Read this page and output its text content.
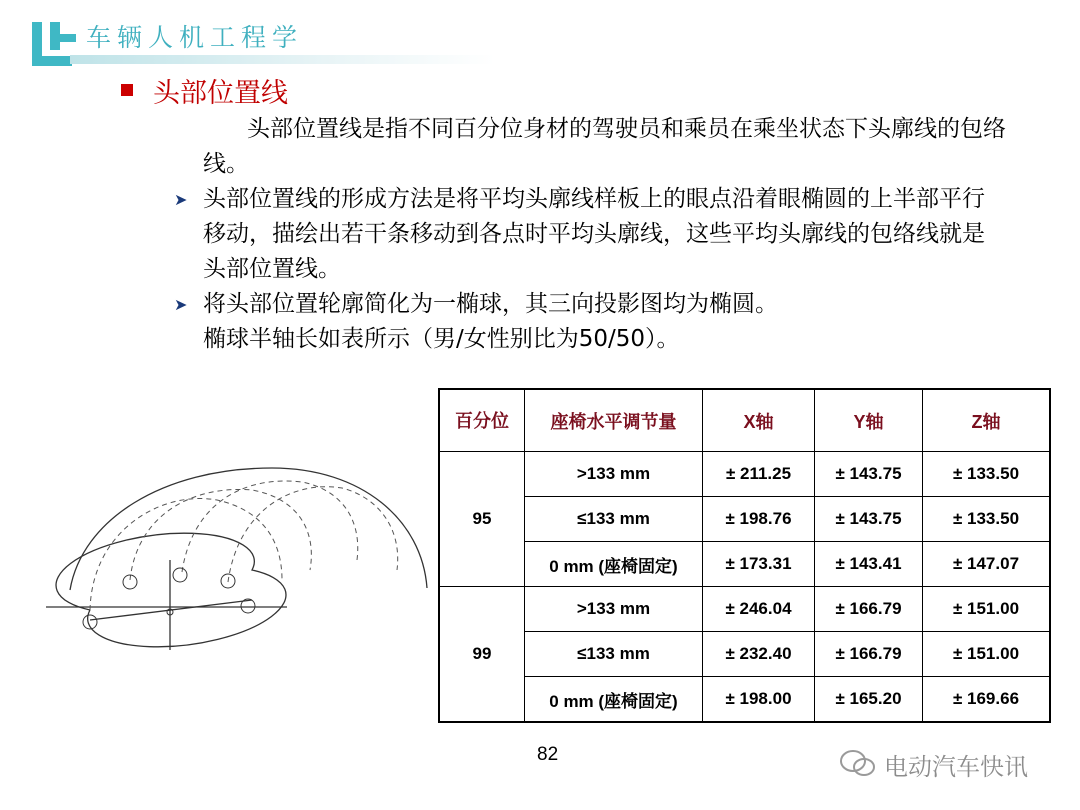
车辆人机工程学
头部位置线
头部位置线是指不同百分位身材的驾驶员和乘员在乘坐状态下头廓线的包络线。
➤ 头部位置线的形成方法是将平均头廓线样板上的眼点沿着眼椭圆的上半部平行移动，描绘出若干条移动到各点时平均头廓线，这些平均头廓线的包络线就是头部位置线。
➤ 将头部位置轮廓简化为一椭球，其三向投影图均为椭圆。
椭球半轴长如表所示（男/女性别比为50/50）。
百分位	座椅水平调节量	X轴	Y轴	Z轴
95	>133 mm	± 211.25	± 143.75	± 133.50
	≤133 mm	± 198.76	± 143.75	± 133.50
	0 mm (座椅固定)	± 173.31	± 143.41	± 147.07
99	>133 mm	± 246.04	± 166.79	± 151.00
	≤133 mm	± 232.40	± 166.79	± 151.00
	0 mm (座椅固定)	± 198.00	± 165.20	± 169.66
82	电动汽车快讯
